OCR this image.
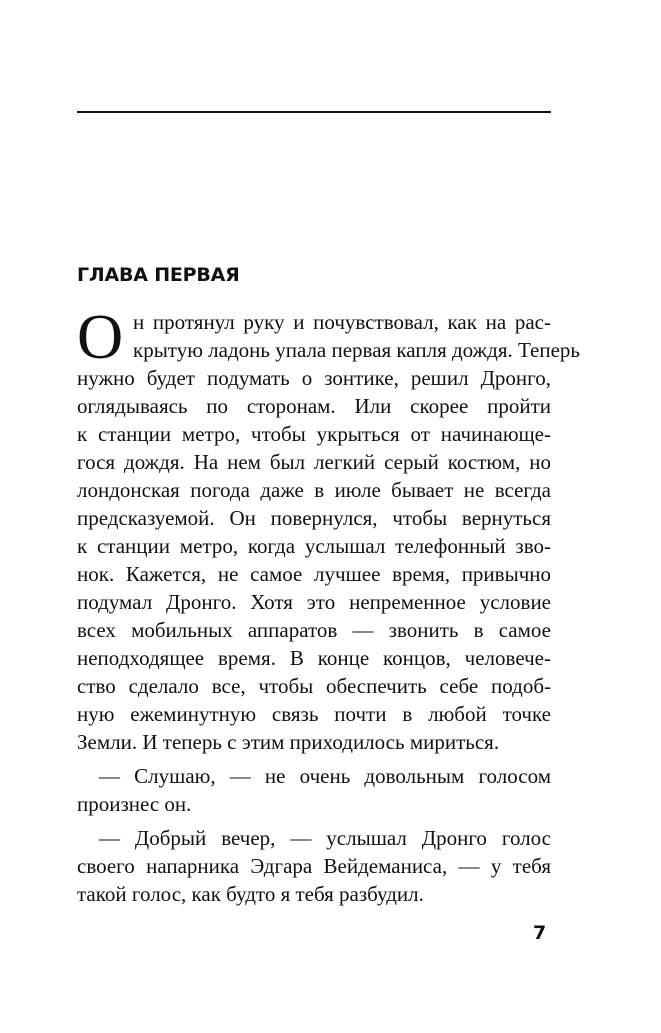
ГЛАВА ПЕРВАЯ
О н протянул руку и почувствовал, как на рас-
крытую ладонь упала первая капля дождя. Теперь
нужно будет подумать о зонтике, решил Дронго,
оглядываясь по сторонам. Или скорее пройти
к станции метро, чтобы укрыться от начинающе-
гося дождя. На нем был легкий серый костюм, но
лондонская погода даже в июле бывает не всегда
предсказуемой. Он повернулся, чтобы вернуться
к станции метро, когда услышал телефонный зво-
нок. Кажется, не самое лучшее время, привычно
подумал Дронго. Хотя это непременное условие
всех мобильных аппаратов — звонить в самое
неподходящее время. В конце концов, человече-
ство сделало все, чтобы обеспечить себе подоб-
ную ежеминутную связь почти в любой точке
Земли. И теперь с этим приходилось мириться.
— Слушаю, — не очень довольным голосом
произнес он.
— Добрый вечер, — услышал Дронго голос
своего напарника Эдгара Вейдеманиса, — у тебя
такой голос, как будто я тебя разбудил.

7
